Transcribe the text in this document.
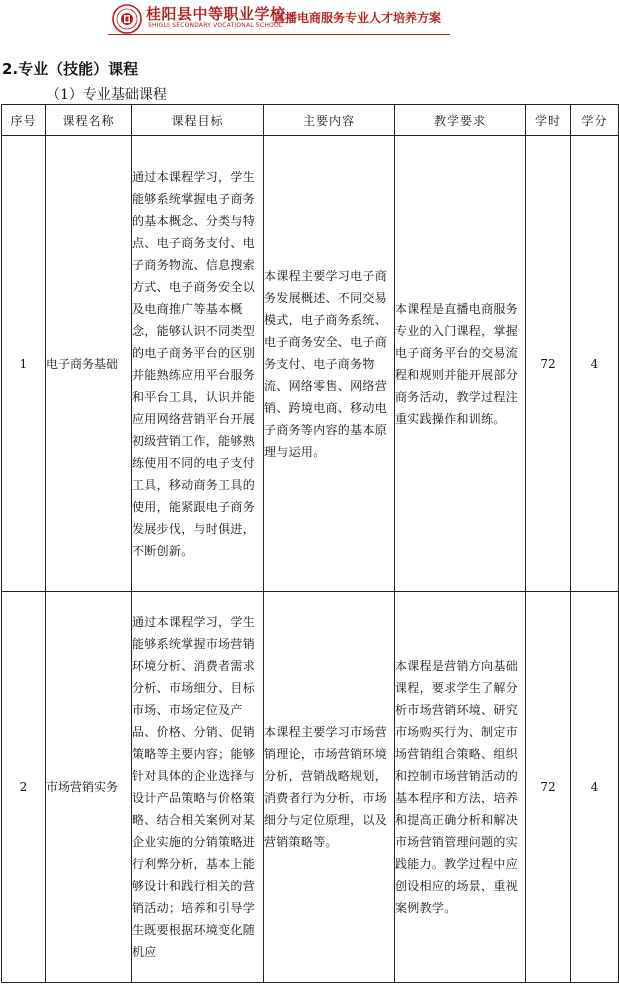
桂阳县中等职业学校
SHIGUI SECONDARY VOCATIONAL SCHOOL
直播电商服务专业人才培养方案
2.专业（技能）课程
（1）专业基础课程
序号	课程名称	课程目标	主要内容	教学要求	学时	学分
1	电子商务基础	通过本课程学习，学生能够系统掌握电子商务的基本概念、分类与特点、电子商务支付、电子商务物流、信息搜索方式、电子商务安全以及电商推广等基本概念，能够认识不同类型的电子商务平台的区别并能熟练应用平台服务和平台工具，认识并能应用网络营销平台开展初级营销工作，能够熟练使用不同的电子支付工具，移动商务工具的使用，能紧跟电子商务发展步伐，与时俱进，不断创新。	本课程主要学习电子商务发展概述、不同交易模式，电子商务系统、电子商务安全、电子商务支付、电子商务物流、网络零售、网络营销、跨境电商、移动电子商务等内容的基本原理与运用。	本课程是直播电商服务专业的入门课程，掌握电子商务平台的交易流程和规则并能开展部分商务活动，教学过程注重实践操作和训练。	72	4
2	市场营销实务	通过本课程学习，学生能够系统掌握市场营销环境分析、消费者需求分析、市场细分、目标市场、市场定位及产品、价格、分销、促销策略等主要内容；能够针对具体的企业选择与设计产品策略与价格策略、结合相关案例对某企业实施的分销策略进行利弊分析，基本上能够设计和践行相关的营销活动；培养和引导学生既要根据环境变化随机应	本课程主要学习市场营销理论，市场营销环境分析，营销战略规划，消费者行为分析，市场细分与定位原理，以及营销策略等。	本课程是营销方向基础课程，要求学生了解分析市场营销环境、研究市场购买行为、制定市场营销组合策略、组织和控制市场营销活动的基本程序和方法，培养和提高正确分析和解决市场营销管理问题的实践能力。教学过程中应创设相应的场景，重视案例教学。	72	4
